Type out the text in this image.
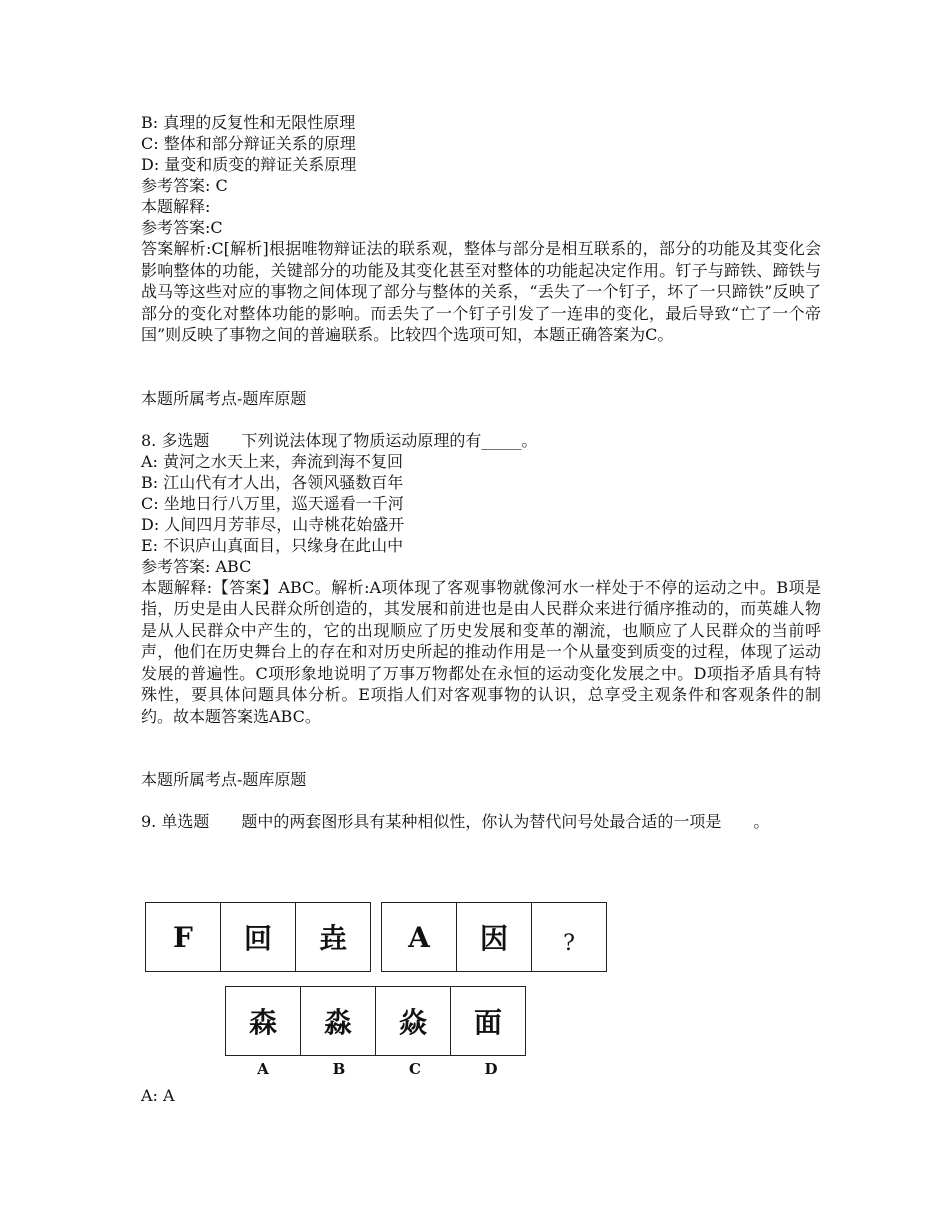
B: 真理的反复性和无限性原理
C: 整体和部分辩证关系的原理
D: 量变和质变的辩证关系原理
参考答案: C
本题解释:
参考答案:C
答案解析:C[解析]根据唯物辩证法的联系观，整体与部分是相互联系的，部分的功能及其变化会影响整体的功能，关键部分的功能及其变化甚至对整体的功能起决定作用。钉子与蹄铁、蹄铁与战马等这些对应的事物之间体现了部分与整体的关系，“丢失了一个钉子，坏了一只蹄铁”反映了部分的变化对整体功能的影响。而丢失了一个钉子引发了一连串的变化，最后导致“亡了一个帝国”则反映了事物之间的普遍联系。比较四个选项可知，本题正确答案为C。
本题所属考点-题库原题
8. 多选题　　下列说法体现了物质运动原理的有_____。
A: 黄河之水天上来，奔流到海不复回
B: 江山代有才人出，各领风骚数百年
C: 坐地日行八万里，巡天遥看一千河
D: 人间四月芳菲尽，山寺桃花始盛开
E: 不识庐山真面目，只缘身在此山中
参考答案: ABC
本题解释:【答案】ABC。解析:A项体现了客观事物就像河水一样处于不停的运动之中。B项是指，历史是由人民群众所创造的，其发展和前进也是由人民群众来进行循序推动的，而英雄人物是从人民群众中产生的，它的出现顺应了历史发展和变革的潮流，也顺应了人民群众的当前呼声，他们在历史舞台上的存在和对历史所起的推动作用是一个从量变到质变的过程，体现了运动发展的普遍性。C项形象地说明了万事万物都处在永恒的运动变化发展之中。D项指矛盾具有特殊性，要具体问题具体分析。E项指人们对客观事物的认识，总享受主观条件和客观条件的制约。故本题答案选ABC。
本题所属考点-题库原题
9. 单选题　　题中的两套图形具有某种相似性，你认为替代问号处最合适的一项是　　。
F	回	垚	A	因	?
森	淼	焱	面
A	B	C	D
A: A
